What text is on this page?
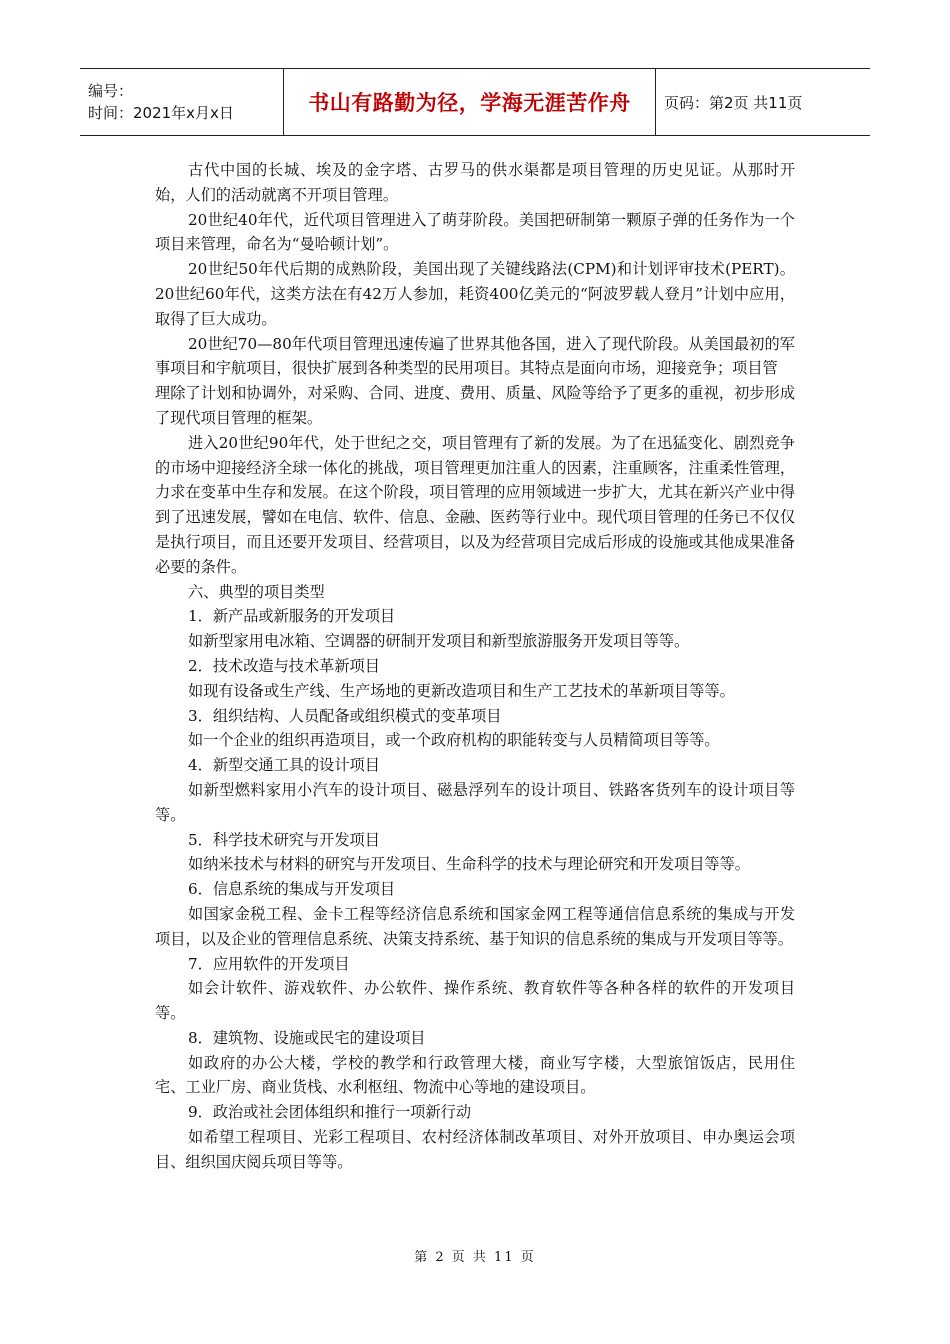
编号：
时间：2021年x月x日	书山有路勤为径，学海无涯苦作舟 页码：第2页 共11页

古代中国的长城、埃及的金字塔、古罗马的供水渠都是项目管理的历史见证。从那时开始，人们的活动就离不开项目管理。

20世纪40年代，近代项目管理进入了萌芽阶段。美国把研制第一颗原子弹的任务作为一个项目来管理，命名为“曼哈顿计划”。

20世纪50年代后期的成熟阶段，美国出现了关键线路法(CPM)和计划评审技术(PERT)。20世纪60年代，这类方法在有42万人参加，耗资400亿美元的“阿波罗载人登月”计划中应用，取得了巨大成功。

20世纪70—80年代项目管理迅速传遍了世界其他各国，进入了现代阶段。从美国最初的军事项目和宇航项目，很快扩展到各种类型的民用项目。其特点是面向市场，迎接竞争；项目管

理除了计划和协调外，对采购、合同、进度、费用、质量、风险等给予了更多的重视，初步形成了现代项目管理的框架。

进入20世纪90年代，处于世纪之交，项目管理有了新的发展。为了在迅猛变化、剧烈竞争的市场中迎接经济全球一体化的挑战，项目管理更加注重人的因素，注重顾客，注重柔性管理，力求在变革中生存和发展。在这个阶段，项目管理的应用领域进一步扩大，尤其在新兴产业中得到了迅速发展，譬如在电信、软件、信息、金融、医药等行业中。现代项目管理的任务已不仅仅是执行项目，而且还要开发项目、经营项目，以及为经营项目完成后形成的设施或其他成果准备必要的条件。

六、典型的项目类型

1．新产品或新服务的开发项目

如新型家用电冰箱、空调器的研制开发项目和新型旅游服务开发项目等等。

2．技术改造与技术革新项目

如现有设备或生产线、生产场地的更新改造项目和生产工艺技术的革新项目等等。

3．组织结构、人员配备或组织模式的变革项目

如一个企业的组织再造项目，或一个政府机构的职能转变与人员精简项目等等。

4．新型交通工具的设计项目

如新型燃料家用小汽车的设计项目、磁悬浮列车的设计项目、铁路客货列车的设计项目等等。

5．科学技术研究与开发项目

如纳米技术与材料的研究与开发项目、生命科学的技术与理论研究和开发项目等等。

6．信息系统的集成与开发项目

如国家金税工程、金卡工程等经济信息系统和国家金网工程等通信信息系统的集成与开发项目，以及企业的管理信息系统、决策支持系统、基于知识的信息系统的集成与开发项目等等。

7．应用软件的开发项目

如会计软件、游戏软件、办公软件、操作系统、教育软件等各种各样的软件的开发项目等。

8．建筑物、设施或民宅的建设项目

如政府的办公大楼，学校的教学和行政管理大楼，商业写字楼，大型旅馆饭店，民用住宅、工业厂房、商业货栈、水利枢纽、物流中心等地的建设项目。

9．政治或社会团体组织和推行一项新行动

如希望工程项目、光彩工程项目、农村经济体制改革项目、对外开放项目、申办奥运会项目、组织国庆阅兵项目等等。

第 2 页 共 11 页
